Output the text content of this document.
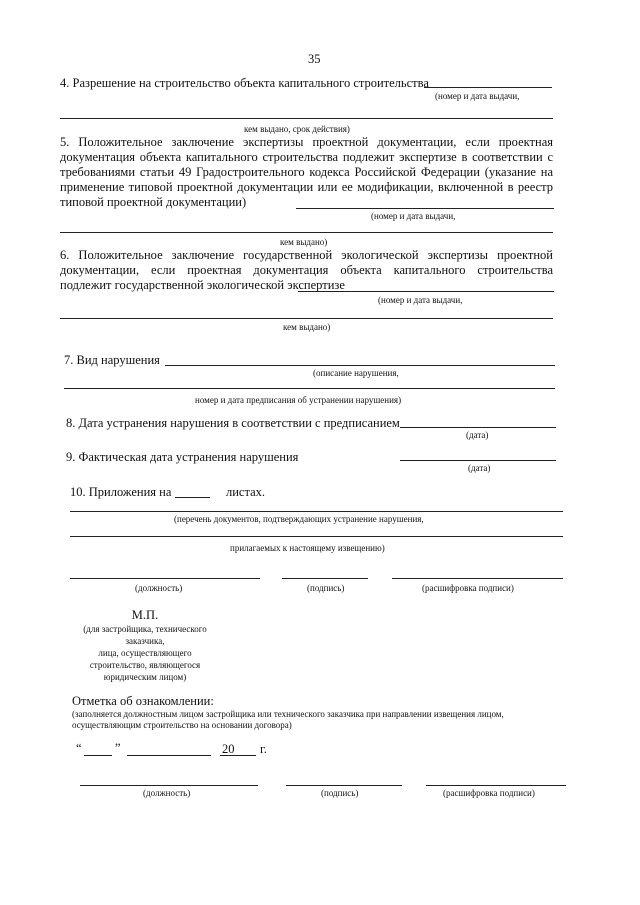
35
4. Разрешение на строительство объекта капитального строительства
(номер и дата выдачи,
кем выдано, срок действия)
5. Положительное заключение экспертизы проектной документации, если проектная документация объекта капитального строительства подлежит экспертизе в соответствии с требованиями статьи 49 Градостроительного кодекса Российской Федерации (указание на применение типовой проектной документации или ее модификации, включенной в реестр типовой проектной документации)
(номер и дата выдачи,
кем выдано)
6. Положительное заключение государственной экологической экспертизы проектной документации, если проектная документация объекта капитального строительства подлежит государственной экологической экспертизе
(номер и дата выдачи,
кем выдано)
7. Вид нарушения
(описание нарушения,
номер и дата предписания об устранении нарушения)
8. Дата устранения нарушения в соответствии с предписанием
(дата)
9. Фактическая дата устранения нарушения
(дата)
10. Приложения на	листах.
(перечень документов, подтверждающих устранение нарушения,
прилагаемых к настоящему извещению)
(должность)	(подпись)	(расшифровка подписи)
М.П.
(для застройщика, технического
заказчика,
лица, осуществляющего
строительство, являющегося
юридическим лицом)
Отметка об ознакомлении:
(заполняется должностным лицом застройщика или технического заказчика при направлении извещения лицом,
осуществляющим строительство на основании договора)
“	”	20 г.
(должность)	(подпись)	(расшифровка подписи)
